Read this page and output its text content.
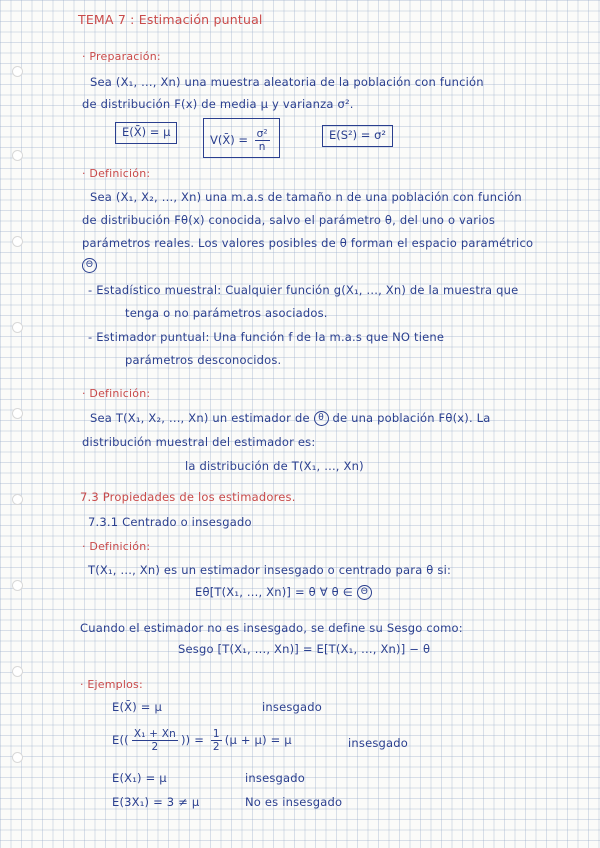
TEMA 7 : Estimación puntual
· Preparación:
Sea (X₁, ..., Xn) una muestra aleatoria de la población con función
de distribución F(x) de media μ y varianza σ².
E(X̄) = μ
V(X̄) = $\frac{\text{σ²}}{n}$	E(S²) = σ²
· Definición:
Sea (X₁, X₂, ..., Xn) una m.a.s de tamaño n de una población con función
de distribución Fθ(x) conocida, salvo el parámetro θ, del uno o varios
parámetros reales. Los valores posibles de θ forman el espacio paramétrico
Θ
- Estadístico muestral: Cualquier función g(X₁, ..., Xn) de la muestra que
tenga o no parámetros asociados.
- Estimador puntual: Una función f de la m.a.s que NO tiene
parámetros desconocidos.
· Definición:
Sea T(X₁, X₂, ..., Xn) un estimador de θ de una población Fθ(x). La
distribución muestral del estimador es:
la distribución de T(X₁, ..., Xn)
7.3 Propiedades de los estimadores.
7.3.1 Centrado o insesgado
· Definición:
T(X₁, ..., Xn) es un estimador insesgado o centrado para θ si:
Eθ[T(X₁, ..., Xn)] = θ ∀ θ ∈ Θ
Cuando el estimador no es insesgado, se define su Sesgo como:
Sesgo [T(X₁, ..., Xn)] = E[T(X₁, ..., Xn)] − θ
· Ejemplos:
E(X̄) = μ	insesgado
$E(( \frac{\text{X₁ + Xn}}{2}$ )) = $\frac{1}{2} (\mu + \mu) = \mu$	insesgado
E(X₁) = μ	insesgado
E(3X₁) = 3 ≠ μ	No es insesgado
